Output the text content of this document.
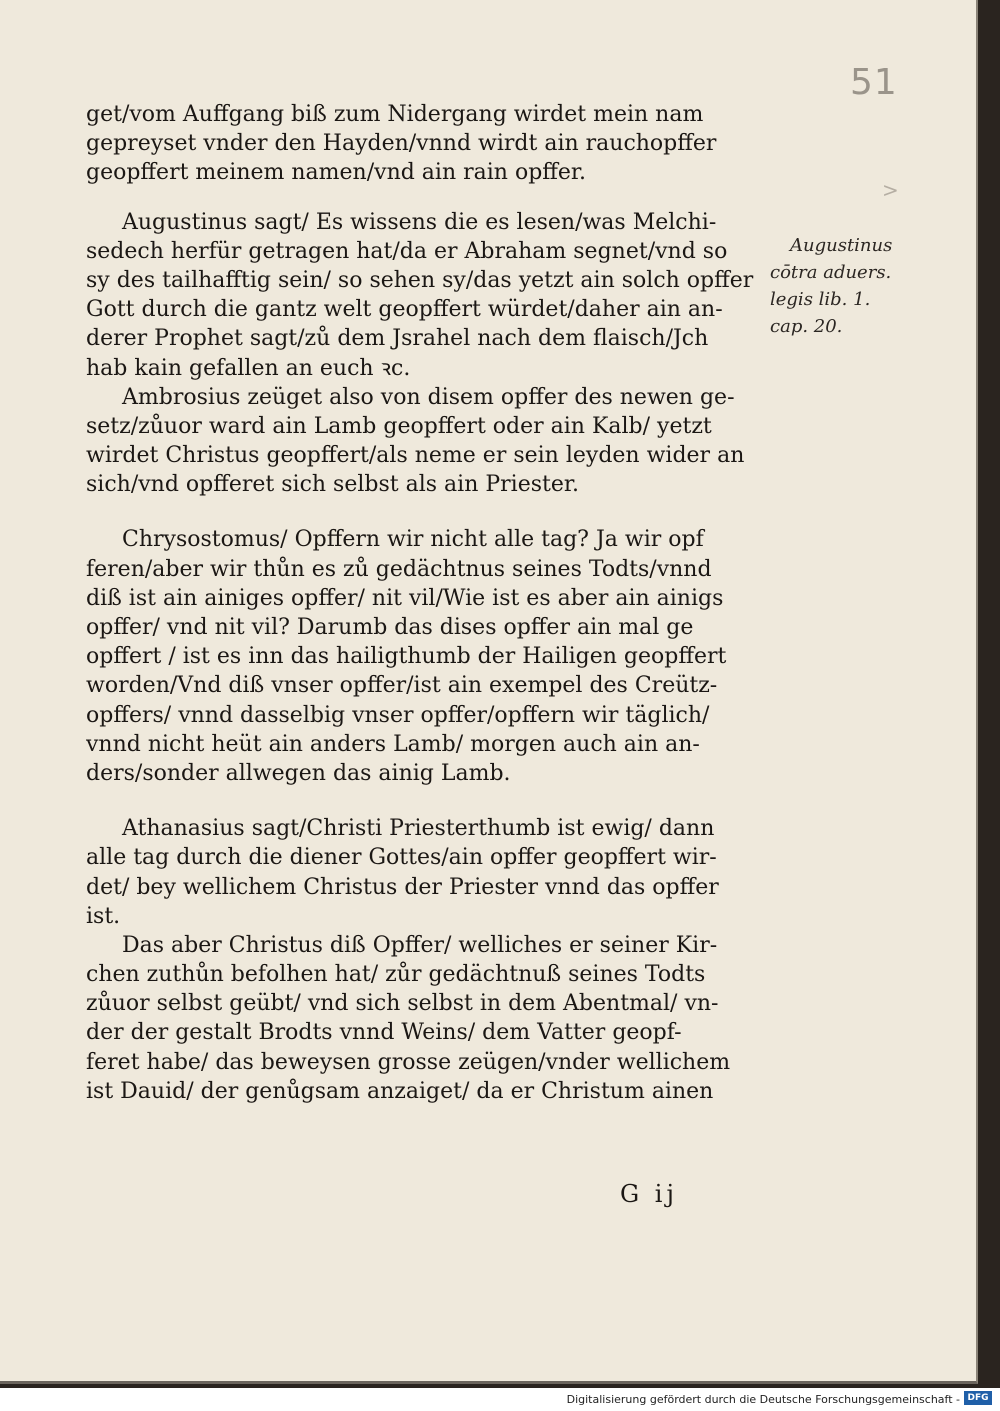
51
>
get/vom Auffgang biß zum Nidergang wirdet mein nam
gepreyset vnder den Hayden/vnnd wirdt ain rauchopffer
geopffert meinem namen/vnd ain rain opffer.
Augustinus sagt/ Es wissens die es lesen/was Melchi-
sedech herfür getragen hat/da er Abraham segnet/vnd so
sy des tailhafftig sein/ so sehen sy/das yetzt ain solch opffer
Gott durch die gantz welt geopffert würdet/daher ain an-
derer Prophet sagt/zů dem Jsrahel nach dem flaisch/Jch
hab kain gefallen an euch ꝛc.
Ambrosius zeüget also von disem opffer des newen ge-
setz/zůuor ward ain Lamb geopffert oder ain Kalb/ yetzt
wirdet Christus geopffert/als neme er sein leyden wider an
sich/vnd opfferet sich selbst als ain Priester.
Chrysostomus/ Opffern wir nicht alle tag? Ja wir opf
feren/aber wir thůn es zů gedächtnus seines Todts/vnnd
diß ist ain ainiges opffer/ nit vil/Wie ist es aber ain ainigs
opffer/ vnd nit vil? Darumb das dises opffer ain mal ge
opffert / ist es inn das hailigthumb der Hailigen geopffert
worden/Vnd diß vnser opffer/ist ain exempel des Creütz-
opffers/ vnnd dasselbig vnser opffer/opffern wir täglich/
vnnd nicht heüt ain anders Lamb/ morgen auch ain an-
ders/sonder allwegen das ainig Lamb.
Athanasius sagt/Christi Priesterthumb ist ewig/ dann
alle tag durch die diener Gottes/ain opffer geopffert wir-
det/ bey wellichem Christus der Priester vnnd das opffer
ist.
Das aber Christus diß Opffer/ welliches er seiner Kir-
chen zuthůn befolhen hat/ zůr gedächtnuß seines Todts
zůuor selbst geübt/ vnd sich selbst in dem Abentmal/ vn-
der der gestalt Brodts vnnd Weins/ dem Vatter geopf-
feret habe/ das beweysen grosse zeügen/vnder wellichem
ist Dauid/ der genůgsam anzaiget/ da er Christum ainen
Augustinus
cōtra aduers.
legis lib. 1.
cap. 20.
G ij
Digitalisierung gefördert durch die Deutsche Forschungsgemeinschaft - DFG
